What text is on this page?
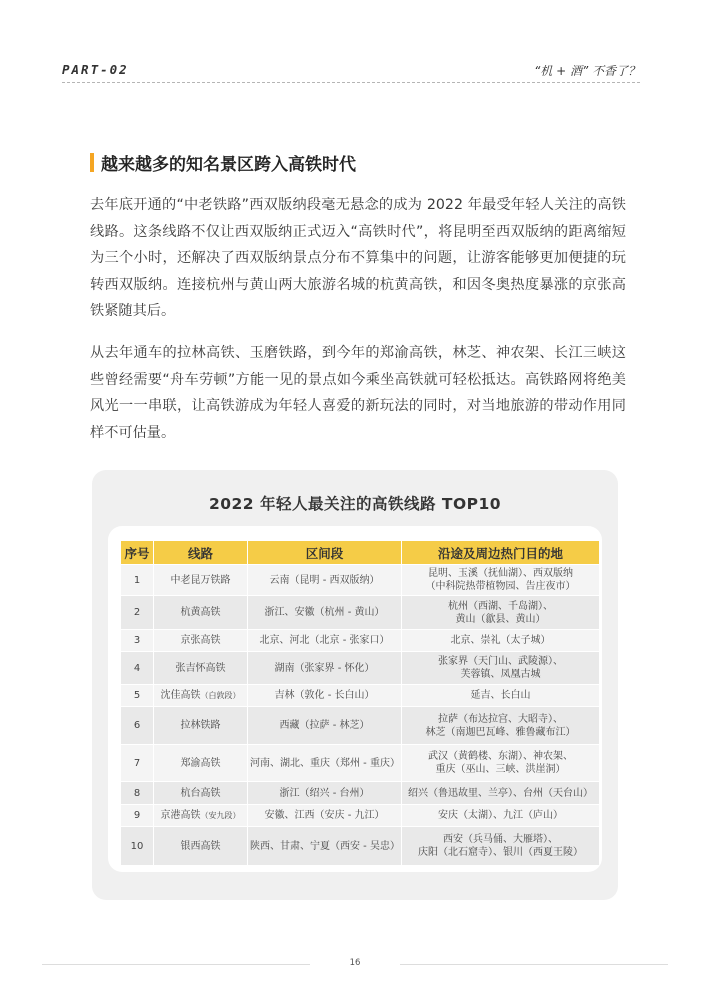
PART-02	“机 + 酒” 不香了？
越来越多的知名景区跨入高铁时代

去年底开通的“中老铁路”西双版纳段毫无悬念的成为 2022 年最受年轻人关注的高铁线路。这条线路不仅让西双版纳正式迈入“高铁时代”，将昆明至西双版纳的距离缩短为三个小时，还解决了西双版纳景点分布不算集中的问题，让游客能够更加便捷的玩转西双版纳。连接杭州与黄山两大旅游名城的杭黄高铁，和因冬奥热度暴涨的京张高铁紧随其后。

从去年通车的拉林高铁、玉磨铁路，到今年的郑渝高铁，林芝、神农架、长江三峡这些曾经需要“舟车劳顿”方能一见的景点如今乘坐高铁就可轻松抵达。高铁路网将绝美风光一一串联，让高铁游成为年轻人喜爱的新玩法的同时，对当地旅游的带动作用同样不可估量。

2022 年轻人最关注的高铁线路 TOP10
序号	线路	区间段	沿途及周边热门目的地
1	中老昆万铁路	云南（昆明 - 西双版纳）	昆明、玉溪（抚仙湖）、西双版纳
（中科院热带植物园、告庄夜市）

2	杭黄高铁	浙江、安徽（杭州 - 黄山）	杭州（西湖、千岛湖）、
黄山（歙县、黄山）

3	京张高铁	北京、河北（北京 - 张家口）	北京、崇礼（太子城）

4	张吉怀高铁	湖南（张家界 - 怀化）	张家界（天门山、武陵源）、
芙蓉镇、凤凰古城

5	沈佳高铁（白敦段）	吉林（敦化 - 长白山）	延吉、长白山

6	拉林铁路	西藏（拉萨 - 林芝）	拉萨（布达拉宫、大昭寺）、
林芝（南迦巴瓦峰、雅鲁藏布江）

7	郑渝高铁	河南、湖北、重庆（郑州 - 重庆）	武汉（黄鹤楼、东湖）、神农架、
重庆（巫山、三峡、洪崖洞）

8	杭台高铁	浙江（绍兴 - 台州）	绍兴（鲁迅故里、兰亭）、台州（天台山）

9	京港高铁（安九段）	安徽、江西（安庆 - 九江）	安庆（太湖）、九江（庐山）

10	银西高铁	陕西、甘肃、宁夏（西安 - 吴忠）	西安（兵马俑、大雁塔）、
庆阳（北石窟寺）、银川（西夏王陵）
16
